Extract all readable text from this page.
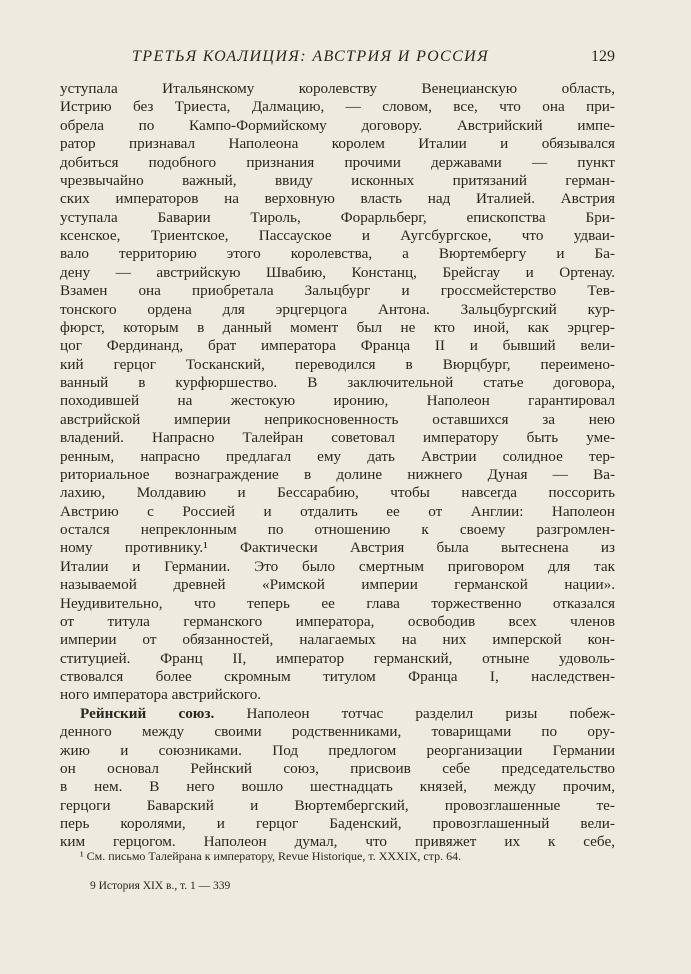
ТРЕТЬЯ КОАЛИЦИЯ: АВСТРИЯ И РОССИЯ	129
уступала Итальянскому королевству Венецианскую область,
Истрию без Триеста, Далмацию, — словом, все, что она при-
обрела по Кампо-Формийскому договору. Австрийский импе-
ратор признавал Наполеона королем Италии и обязывался
добиться подобного признания прочими державами — пункт
чрезвычайно важный, ввиду исконных притязаний герман-
ских императоров на верховную власть над Италией. Австрия
уступала Баварии Тироль, Форарльберг, епископства Бри-
ксенское, Триентское, Пассауское и Аугсбургское, что удваи-
вало территорию этого королевства, а Вюртембергу и Ба-
дену — австрийскую Швабию, Констанц, Брейсгау и Ортенау.
Взамен она приобретала Зальцбург и гроссмейстерство Тев-
тонского ордена для эрцгерцога Антона. Зальцбургский кур-
фюрст, которым в данный момент был не кто иной, как эрцгер-
цог Фердинанд, брат императора Франца II и бывший вели-
кий герцог Тосканский, переводился в Вюрцбург, переимено-
ванный в курфюршество. В заключительной статье договора,
походившей на жестокую иронию, Наполеон гарантировал
австрийской империи неприкосновенность оставшихся за нею
владений. Напрасно Талейран советовал императору быть уме-
ренным, напрасно предлагал ему дать Австрии солидное тер-
риториальное вознаграждение в долине нижнего Дуная — Ва-
лахию, Молдавию и Бессарабию, чтобы навсегда поссорить
Австрию с Россией и отдалить ее от Англии: Наполеон
остался непреклонным по отношению к своему разгромлен-
ному противнику.¹ Фактически Австрия была вытеснена из
Италии и Германии. Это было смертным приговором для так
называемой древней «Римской империи германской нации».
Неудивительно, что теперь ее глава торжественно отказался
от титула германского императора, освободив всех членов
империи от обязанностей, налагаемых на них имперской кон-
ституцией. Франц II, император германский, отныне удоволь-
ствовался более скромным титулом Франца I, наследствен-
ного императора австрийского.
Рейнский союз. Наполеон тотчас разделил ризы побеж-
денного между своими родственниками, товарищами по ору-
жию и союзниками. Под предлогом реорганизации Германии
он основал Рейнский союз, присвоив себе председательство
в нем. В него вошло шестнадцать князей, между прочим,
герцоги Баварский и Вюртембергский, провозглашенные те-
перь королями, и герцог Баденский, провозглашенный вели-
ким герцогом. Наполеон думал, что привяжет их к себе,
¹ См. письмо Талейрана к императору, Revue Historique, т. XXXIX, стр. 64.
9 История XIX в., т. 1 — 339
